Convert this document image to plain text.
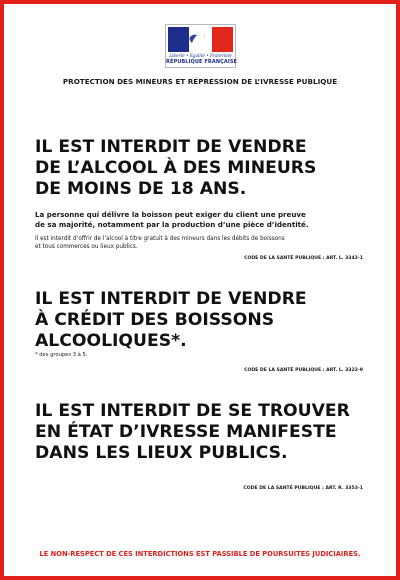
Liberté • Égalité • Fraternité
RÉPUBLIQUE FRANÇAISE
PROTECTION DES MINEURS ET RÉPRESSION DE L’IVRESSE PUBLIQUE
IL EST INTERDIT DE VENDRE
DE L’ALCOOL À DES MINEURS
DE MOINS DE 18 ANS.
La personne qui délivre la boisson peut exiger du client une preuve
de sa majorité, notamment par la production d’une pièce d’identité.
Il est interdit d’offrir de l’alcool à titre gratuit à des mineurs dans les débits de boissons
et tous commerces ou lieux publics.
CODE DE LA SANTÉ PUBLIQUE : ART. L. 3342-1
IL EST INTERDIT DE VENDRE
À CRÉDIT DES BOISSONS
ALCOOLIQUES*.
* des groupes 3 à 5.
CODE DE LA SANTÉ PUBLIQUE : ART. L. 3322-9
IL EST INTERDIT DE SE TROUVER
EN ÉTAT D’IVRESSE MANIFESTE
DANS LES LIEUX PUBLICS.
CODE DE LA SANTÉ PUBLIQUE : ART. R. 3353-1
LE NON-RESPECT DE CES INTERDICTIONS EST PASSIBLE DE POURSUITES JUDICIAIRES.
